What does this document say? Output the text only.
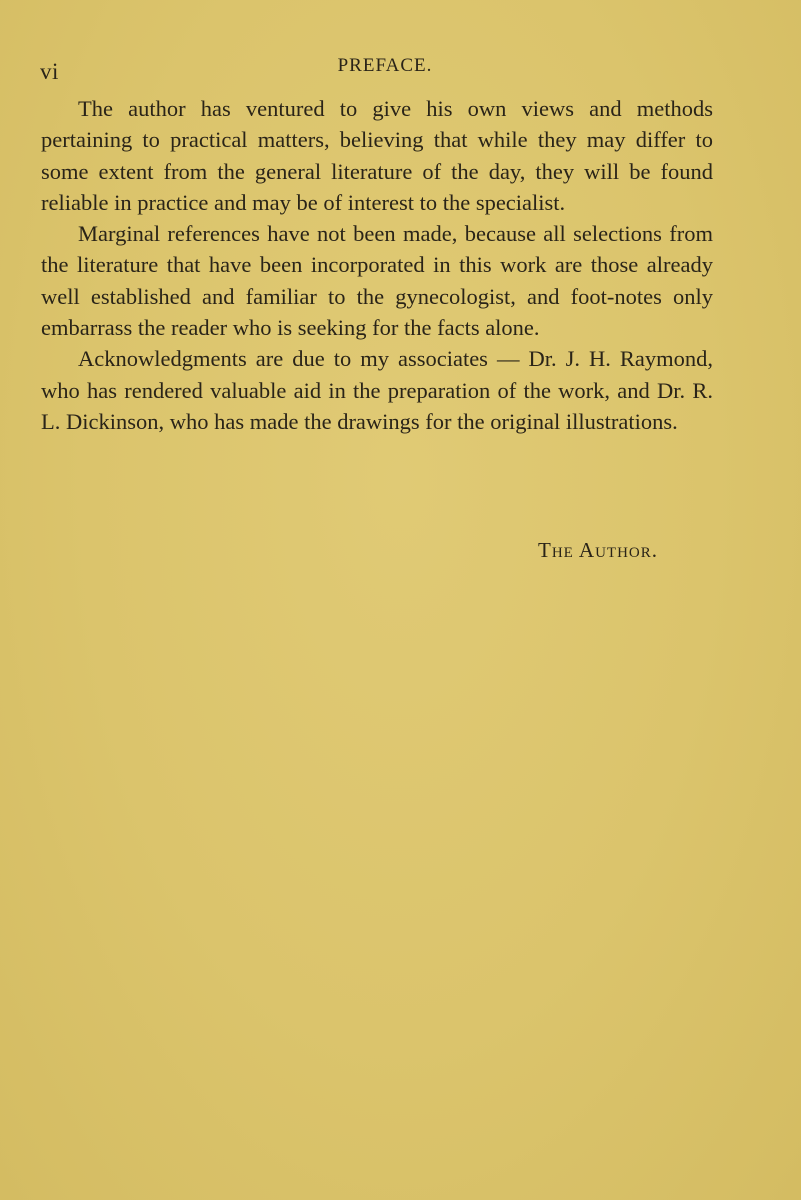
vi	PREFACE.

The author has ventured to give his own views and methods pertaining to practical matters, believing that while they may differ to some extent from the general literature of the day, they will be found reliable in practice and may be of interest to the specialist.

Marginal references have not been made, because all selections from the literature that have been incorporated in this work are those already well established and familiar to the gynecologist, and foot-notes only embarrass the reader who is seeking for the facts alone.

Acknowledgments are due to my associates — Dr. J. H. Raymond, who has rendered valuable aid in the preparation of the work, and Dr. R. L. Dickinson, who has made the drawings for the original illustrations.

The Author.
